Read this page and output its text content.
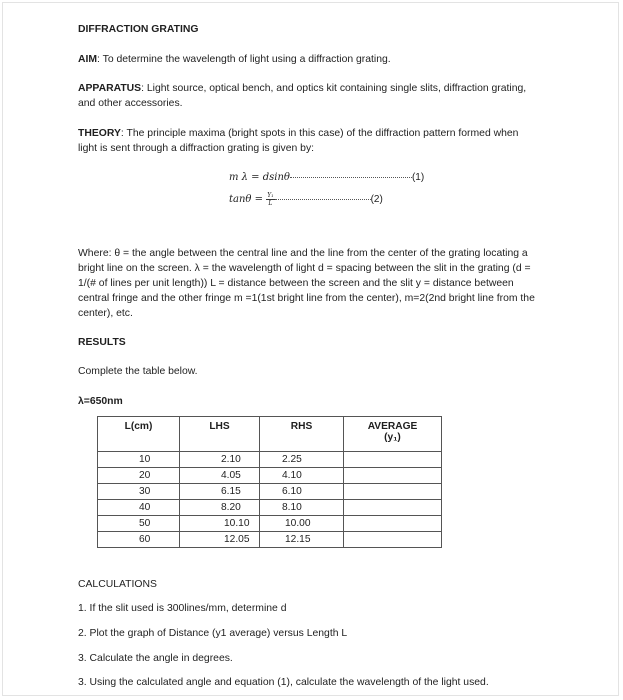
DIFFRACTION GRATING
AIM: To determine the wavelength of light using a diffraction grating.
APPARATUS: Light source, optical bench, and optics kit containing single slits, diffraction grating, and other accessories.
THEORY: The principle maxima (bright spots in this case) of the diffraction pattern formed when light is sent through a diffraction grating is given by:
m λ = dsinθ	(1)
$\tan\theta = \frac{\text{Y₁}}{L}$	(2)
Where: θ = the angle between the central line and the line from the center of the grating locating a bright line on the screen. λ = the wavelength of light d = spacing between the slit in the grating (d = 1/(# of lines per unit length)) L = distance between the screen and the slit y = distance between central fringe and the other fringe m =1(1st bright line from the center), m=2(2nd bright line from the center), etc.
RESULTS
Complete the table below.
λ=650nm
L(cm)	LHS	RHS	AVERAGE
(y₁)
10	2.10	2.25	
20	4.05	4.10	
30	6.15	6.10	
40	8.20	8.10	
50	10.10	10.00	
60	12.05	12.15	
CALCULATIONS
1. If the slit used is 300lines/mm, determine d
2. Plot the graph of Distance (y1 average) versus Length L
3. Calculate the angle in degrees.
3. Using the calculated angle and equation (1), calculate the wavelength of the light used.
